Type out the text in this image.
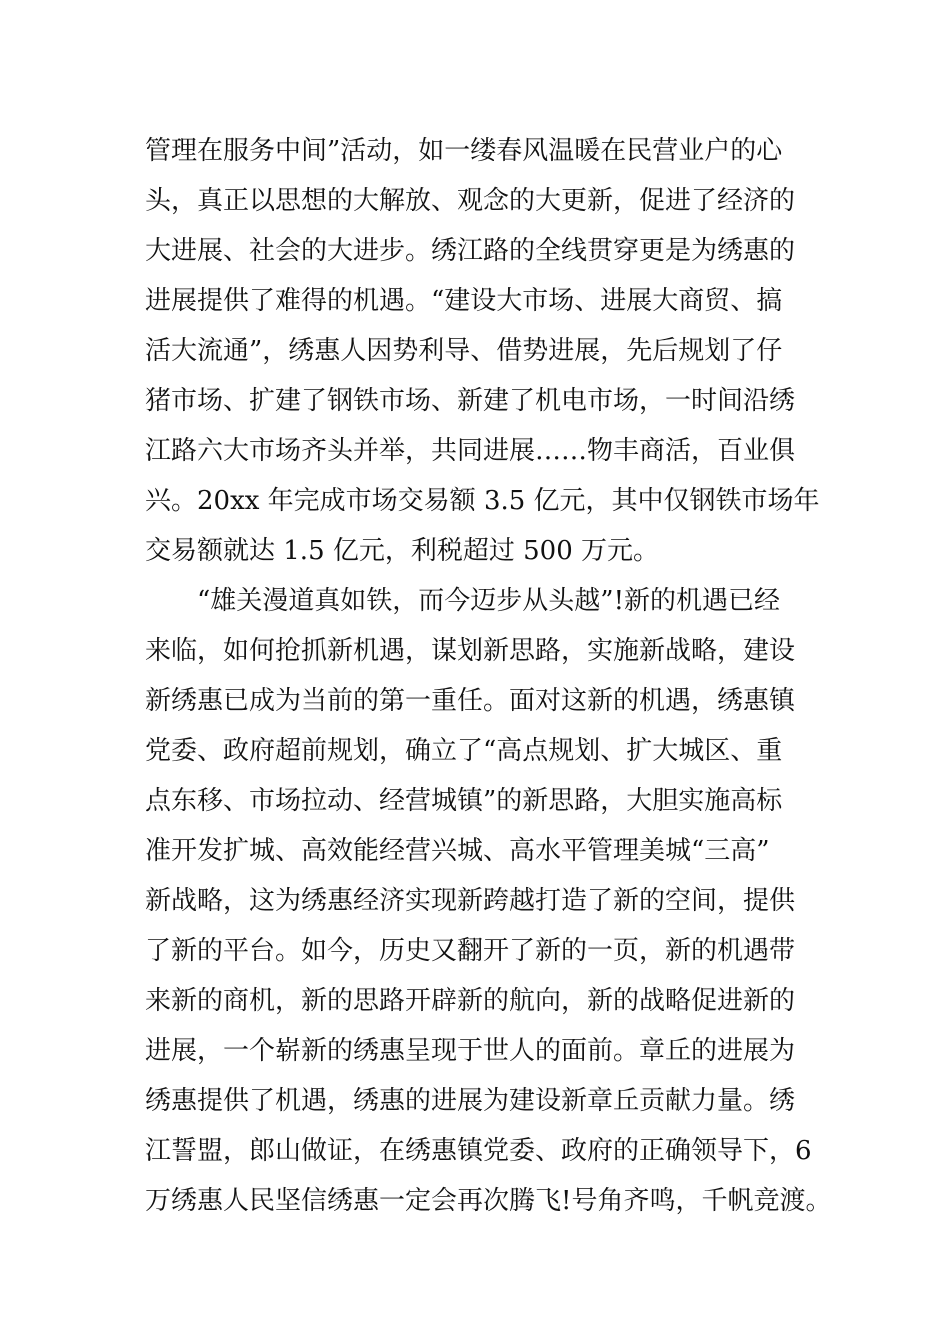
管理在服务中间”活动，如一缕春风温暖在民营业户的心
头，真正以思想的大解放、观念的大更新，促进了经济的
大进展、社会的大进步。绣江路的全线贯穿更是为绣惠的
进展提供了难得的机遇。“建设大市场、进展大商贸、搞
活大流通”，绣惠人因势利导、借势进展，先后规划了仔
猪市场、扩建了钢铁市场、新建了机电市场，一时间沿绣
江路六大市场齐头并举，共同进展……物丰商活，百业俱
兴。20xx 年完成市场交易额 3.5 亿元，其中仅钢铁市场年
交易额就达 1.5 亿元，利税超过 500 万元。
“雄关漫道真如铁，而今迈步从头越”!新的机遇已经
来临，如何抢抓新机遇，谋划新思路，实施新战略，建设
新绣惠已成为当前的第一重任。面对这新的机遇，绣惠镇
党委、政府超前规划，确立了“高点规划、扩大城区、重
点东移、市场拉动、经营城镇”的新思路，大胆实施高标
准开发扩城、高效能经营兴城、高水平管理美城“三高”
新战略，这为绣惠经济实现新跨越打造了新的空间，提供
了新的平台。如今，历史又翻开了新的一页，新的机遇带
来新的商机，新的思路开辟新的航向，新的战略促进新的
进展，一个崭新的绣惠呈现于世人的面前。章丘的进展为
绣惠提供了机遇，绣惠的进展为建设新章丘贡献力量。绣
江誓盟，郎山做证，在绣惠镇党委、政府的正确领导下，6
万绣惠人民坚信绣惠一定会再次腾飞!号角齐鸣，千帆竞渡。
